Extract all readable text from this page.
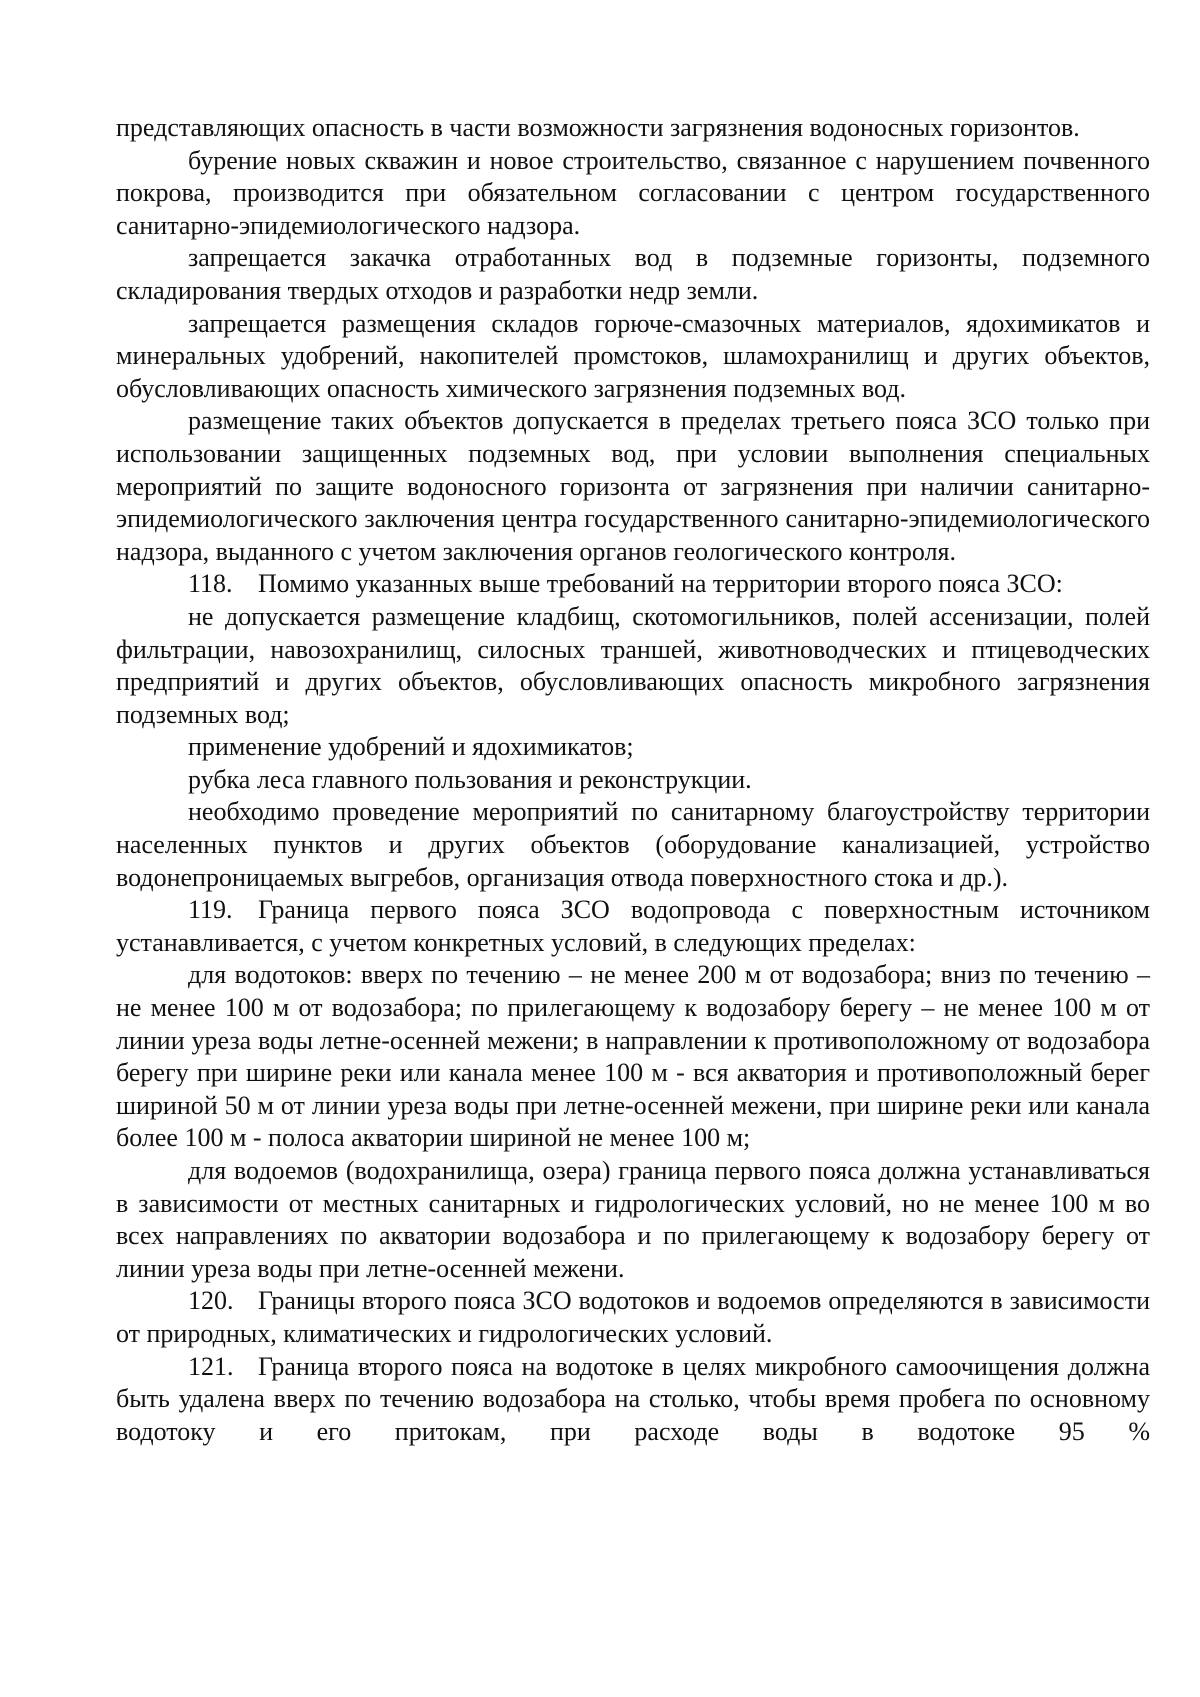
представляющих опасность в части возможности загрязнения водоносных горизонтов.

бурение новых скважин и новое строительство, связанное с нарушением почвенного покрова, производится при обязательном согласовании с центром государственного санитарно-эпидемиологического надзора.

запрещается закачка отработанных вод в подземные горизонты, подземного складирования твердых отходов и разработки недр земли.

запрещается размещения складов горюче-смазочных материалов, ядохимикатов и минеральных удобрений, накопителей промстоков, шламохранилищ и других объектов, обусловливающих опасность химического загрязнения подземных вод.

размещение таких объектов допускается в пределах третьего пояса ЗСО только при использовании защищенных подземных вод, при условии выполнения специальных мероприятий по защите водоносного горизонта от загрязнения при наличии санитарно-эпидемиологического заключения центра государственного санитарно-эпидемиологического надзора, выданного с учетом заключения органов геологического контроля.

118. Помимо указанных выше требований на территории второго пояса ЗСО:

не допускается размещение кладбищ, скотомогильников, полей ассенизации, полей фильтрации, навозохранилищ, силосных траншей, животноводческих и птицеводческих предприятий и других объектов, обусловливающих опасность микробного загрязнения подземных вод;

применение удобрений и ядохимикатов;

рубка леса главного пользования и реконструкции.

необходимо проведение мероприятий по санитарному благоустройству территории населенных пунктов и других объектов (оборудование канализацией, устройство водонепроницаемых выгребов, организация отвода поверхностного стока и др.).

119. Граница первого пояса ЗСО водопровода с поверхностным источником устанавливается, с учетом конкретных условий, в следующих пределах:

для водотоков: вверх по течению – не менее 200 м от водозабора; вниз по течению – не менее 100 м от водозабора; по прилегающему к водозабору берегу – не менее 100 м от линии уреза воды летне-осенней межени; в направлении к противоположному от водозабора берегу при ширине реки или канала менее 100 м - вся акватория и противоположный берег шириной 50 м от линии уреза воды при летне-осенней межени, при ширине реки или канала более 100 м - полоса акватории шириной не менее 100 м;

для водоемов (водохранилища, озера) граница первого пояса должна устанавливаться в зависимости от местных санитарных и гидрологических условий, но не менее 100 м во всех направлениях по акватории водозабора и по прилегающему к водозабору берегу от линии уреза воды при летне-осенней межени.

120. Границы второго пояса ЗСО водотоков и водоемов определяются в зависимости от природных, климатических и гидрологических условий.

121. Граница второго пояса на водотоке в целях микробного самоочищения должна быть удалена вверх по течению водозабора на столько, чтобы время пробега по основному водотоку и его притокам, при расходе воды в водотоке 95 %
